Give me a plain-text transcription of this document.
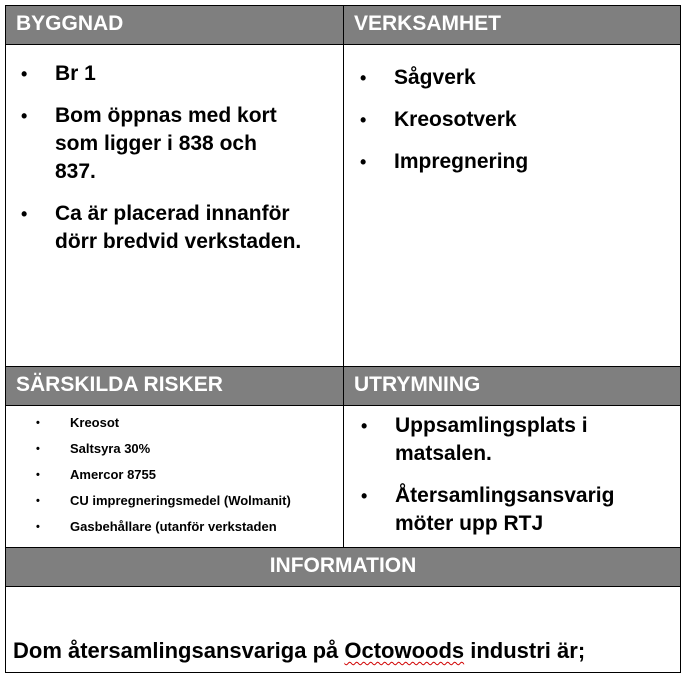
BYGGNAD	VERKSAMHET
• Br 1
• Bom öppnas med kort som ligger i 838 och 837.
• Ca är placerad innanför dörr bredvid verkstaden.
• Sågverk
• Kreosotverk
• Impregnering
SÄRSKILDA RISKER	UTRYMNING
• Kreosot
• Saltsyra 30%
• Amercor 8755
• CU impregneringsmedel (Wolmanit)
• Gasbehållare (utanför verkstaden
• Uppsamlingsplats i matsalen.
• Återsamlingsansvarig möter upp RTJ
INFORMATION
Dom återsamlingsansvariga på Octowoods industri är;
